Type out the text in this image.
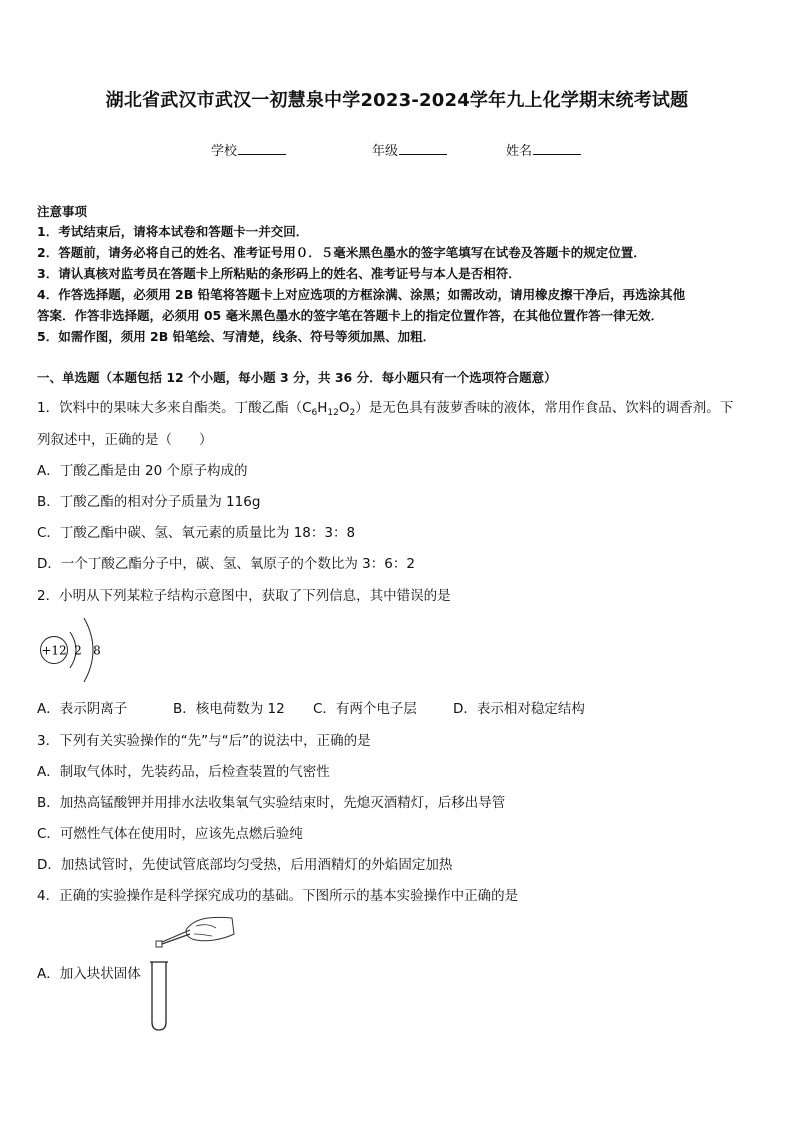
湖北省武汉市武汉一初慧泉中学2023-2024学年九上化学期末统考试题
学校	年级	姓名
注意事项
1．考试结束后，请将本试卷和答题卡一并交回．
2．答题前，请务必将自己的姓名、准考证号用０．５毫米黑色墨水的签字笔填写在试卷及答题卡的规定位置．
3．请认真核对监考员在答题卡上所粘贴的条形码上的姓名、准考证号与本人是否相符．
4．作答选择题，必须用 2B 铅笔将答题卡上对应选项的方框涂满、涂黑；如需改动，请用橡皮擦干净后，再选涂其他
答案．作答非选择题，必须用 05 毫米黑色墨水的签字笔在答题卡上的指定位置作答，在其他位置作答一律无效．
5．如需作图，须用 2B 铅笔绘、写清楚，线条、符号等须加黑、加粗．
一、单选题（本题包括 12 个小题，每小题 3 分，共 36 分．每小题只有一个选项符合题意）
1．饮料中的果味大多来自酯类。丁酸乙酯$(C_6H_{12}O_2)$是无色具有菠萝香味的液体，常用作食品、饮料的调香剂。下
列叙述中，正确的是（　　）
A．丁酸乙酯是由 20 个原子构成的
B．丁酸乙酯的相对分子质量为 116g
C．丁酸乙酯中碳、氢、氧元素的质量比为 18：3：8
D．一个丁酸乙酯分子中，碳、氢、氧原子的个数比为 3：6：2
2．小明从下列某粒子结构示意图中，获取了下列信息，其中错误的是
+12 2 8
A．表示阴离子	B．核电荷数为 12 C．有两个电子层	D．表示相对稳定结构
3．下列有关实验操作的“先”与“后”的说法中，正确的是
A．制取气体时，先装药品，后检查装置的气密性
B．加热高锰酸钾并用排水法收集氧气实验结束时，先熄灭酒精灯，后移出导管
C．可燃性气体在使用时，应该先点燃后验纯
D．加热试管时，先使试管底部均匀受热，后用酒精灯的外焰固定加热
4．正确的实验操作是科学探究成功的基础。下图所示的基本实验操作中正确的是
A．加入块状固体
